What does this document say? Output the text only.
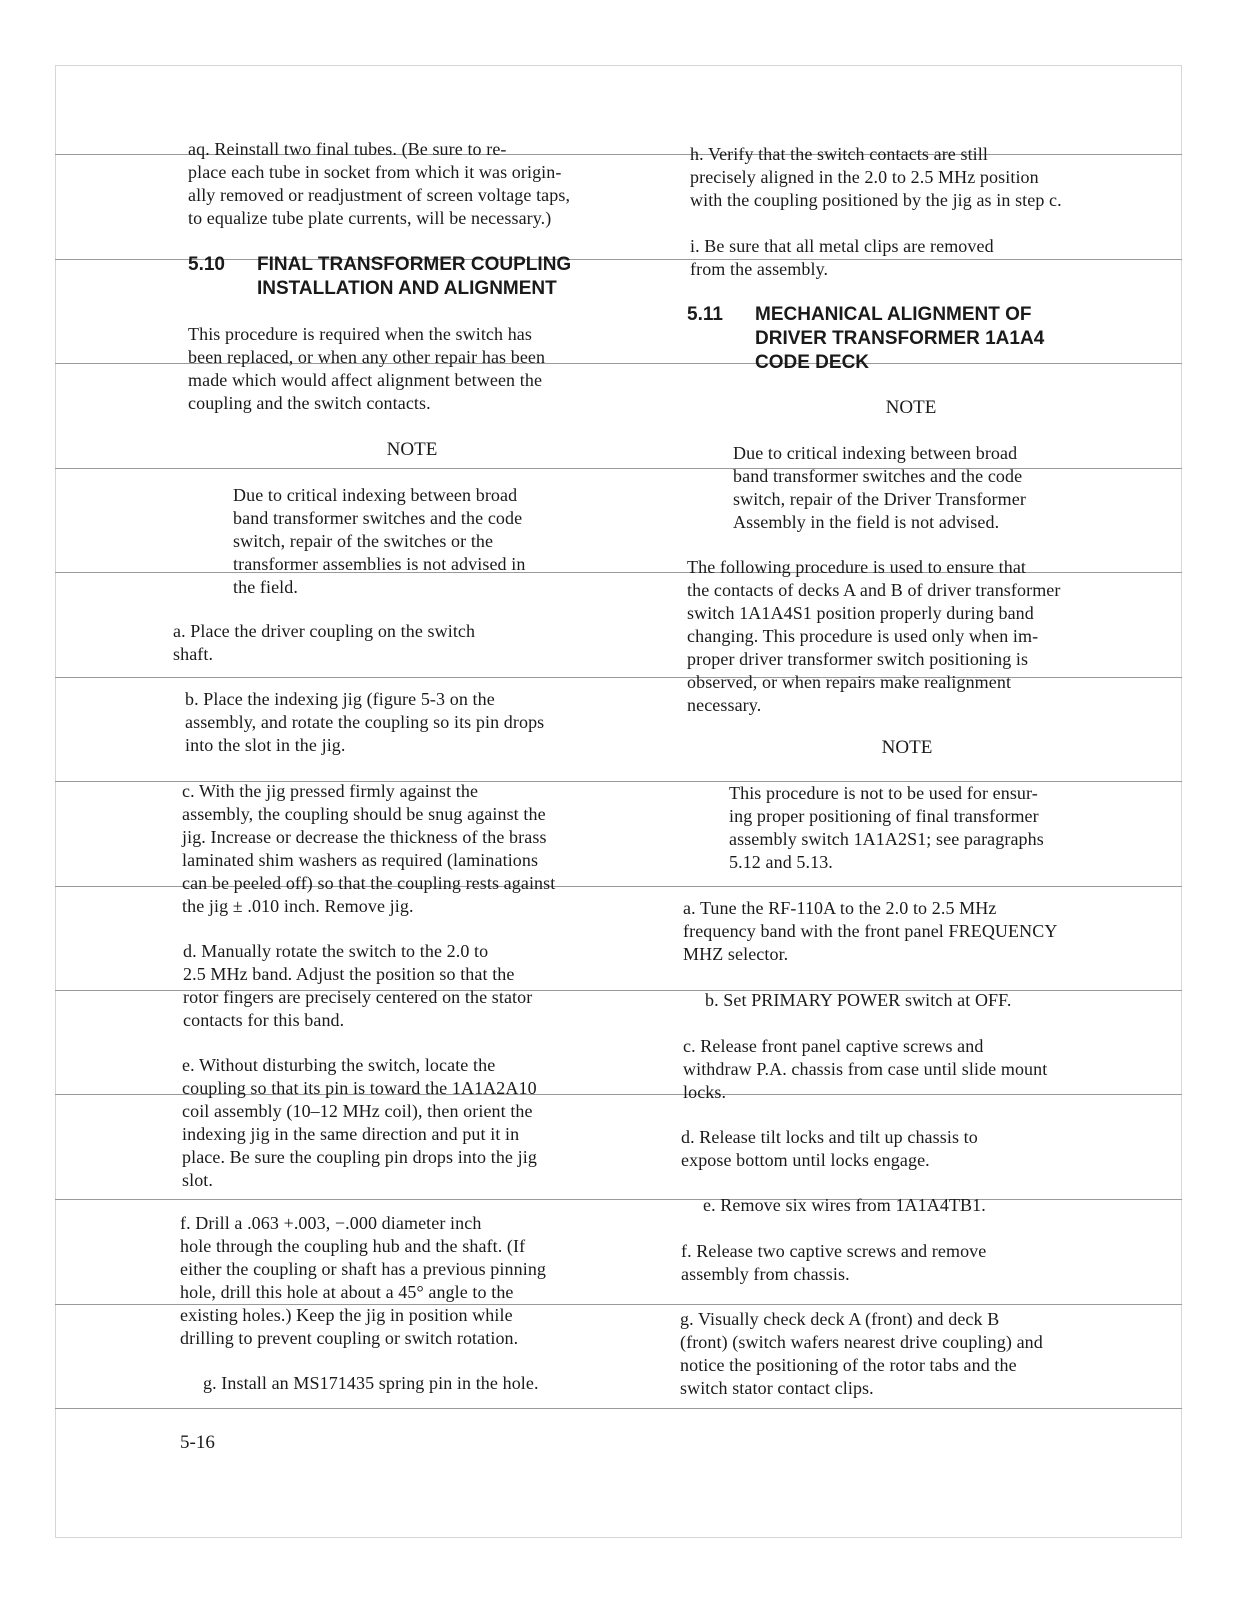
aq. Reinstall two final tubes. (Be sure to re-
place each tube in socket from which it was origin-
ally removed or readjustment of screen voltage taps,
to equalize tube plate currents, will be necessary.)

5.10 FINAL TRANSFORMER COUPLING
INSTALLATION AND ALIGNMENT

This procedure is required when the switch has
been replaced, or when any other repair has been
made which would affect alignment between the
coupling and the switch contacts.

NOTE

Due to critical indexing between broad
band transformer switches and the code
switch, repair of the switches or the
transformer assemblies is not advised in
the field.

a. Place the driver coupling on the switch
shaft.

b. Place the indexing jig (figure 5-3 on the
assembly, and rotate the coupling so its pin drops
into the slot in the jig.

c. With the jig pressed firmly against the
assembly, the coupling should be snug against the
jig. Increase or decrease the thickness of the brass
laminated shim washers as required (laminations
can be peeled off) so that the coupling rests against
the jig ± .010 inch. Remove jig.

d. Manually rotate the switch to the 2.0 to
2.5 MHz band. Adjust the position so that the
rotor fingers are precisely centered on the stator
contacts for this band.

e. Without disturbing the switch, locate the
coupling so that its pin is toward the 1A1A2A10
coil assembly (10–12 MHz coil), then orient the
indexing jig in the same direction and put it in
place. Be sure the coupling pin drops into the jig
slot.

f. Drill a .063 +.003, −.000 diameter inch
hole through the coupling hub and the shaft. (If
either the coupling or shaft has a previous pinning
hole, drill this hole at about a 45° angle to the
existing holes.) Keep the jig in position while
drilling to prevent coupling or switch rotation.

g. Install an MS171435 spring pin in the hole.

h. Verify that the switch contacts are still
precisely aligned in the 2.0 to 2.5 MHz position
with the coupling positioned by the jig as in step c.

i. Be sure that all metal clips are removed
from the assembly.

5.11 MECHANICAL ALIGNMENT OF
DRIVER TRANSFORMER 1A1A4
CODE DECK

NOTE

Due to critical indexing between broad
band transformer switches and the code
switch, repair of the Driver Transformer
Assembly in the field is not advised.

The following procedure is used to ensure that
the contacts of decks A and B of driver transformer
switch 1A1A4S1 position properly during band
changing. This procedure is used only when im-
proper driver transformer switch positioning is
observed, or when repairs make realignment
necessary.

NOTE

This procedure is not to be used for ensur-
ing proper positioning of final transformer
assembly switch 1A1A2S1; see paragraphs
5.12 and 5.13.

a. Tune the RF-110A to the 2.0 to 2.5 MHz
frequency band with the front panel FREQUENCY
MHZ selector.

b. Set PRIMARY POWER switch at OFF.

c. Release front panel captive screws and
withdraw P.A. chassis from case until slide mount
locks.

d. Release tilt locks and tilt up chassis to
expose bottom until locks engage.

e. Remove six wires from 1A1A4TB1.

f. Release two captive screws and remove
assembly from chassis.

g. Visually check deck A (front) and deck B
(front) (switch wafers nearest drive coupling) and
notice the positioning of the rotor tabs and the
switch stator contact clips.

5-16
